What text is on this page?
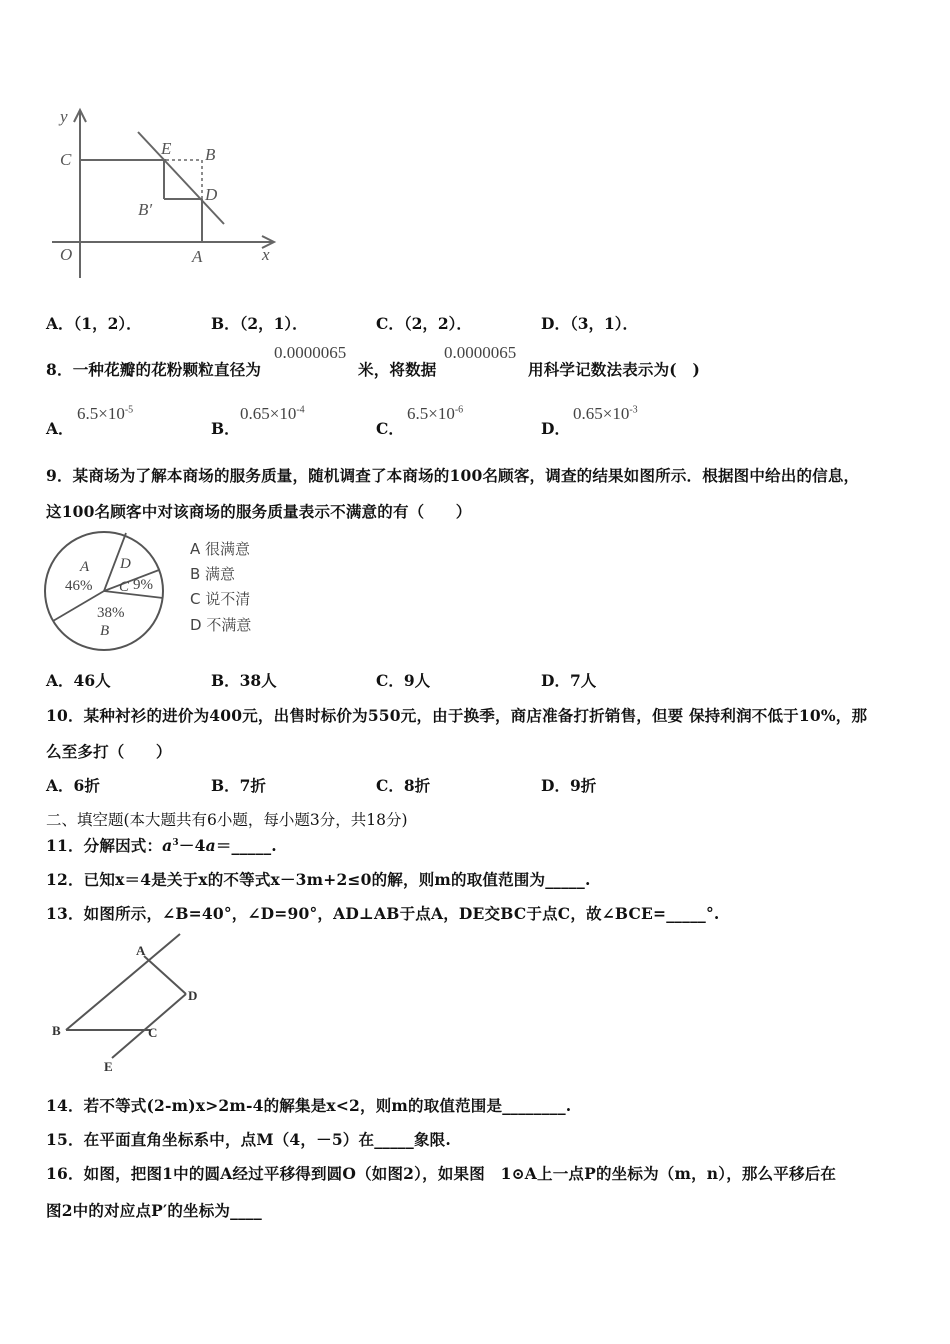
y
x
O
C
E B
B′
D
A
A．（1，2）．	B．（2，1）．	C．（2，2）．	D．（3，1）．
8．一种花瓣的花粉颗粒直径为
0.0000065
米，将数据
0.0000065
用科学记数法表示为(　)
A．
$6.5\times 10^{-5}$
B．
$0.65\times 10^{-4}$
C．
$6.5\times 10^{-6}$
D．
$0.65\times 10^{-3}$
9．某商场为了解本商场的服务质量，随机调查了本商场的100名顾客，调查的结果如图所示．根据图中给出的信息，
这100名顾客中对该商场的服务质量表示不满意的有（　　）
A
46%
D
C 9%
38%
B
A 很满意
B 满意
C 说不清
D 不满意
A．46人	B．38人	C．9人	D．7人
10．某种衬衫的进价为400元，出售时标价为550元，由于换季，商店准备打折销售，但要 保持利润不低于10%，那
么至多打（　　）
A．6折	B．7折	C．8折	D．9折
二、填空题(本大题共有6小题，每小题3分，共18分)
11．分解因式：$a^3-4a=\_\_\_\_\_$.
12．已知x＝4是关于x的不等式x－3m+2≤0的解，则m的取值范围为_____.
13．如图所示，∠B=40°，∠D=90°，AD⊥AB于点A，DE交BC于点C，故∠BCE=_____°.
A
B	C
D
E
14．若不等式(2-m)x>2m-4的解集是x<2，则m的取值范围是________.
15．在平面直角坐标系中，点M（4，－5）在_____象限.
16．如图，把图1中的圆A经过平移得到圆O（如图2），如果图　1⊙A上一点P的坐标为（m，n），那么平移后在
图2中的对应点P′的坐标为____
